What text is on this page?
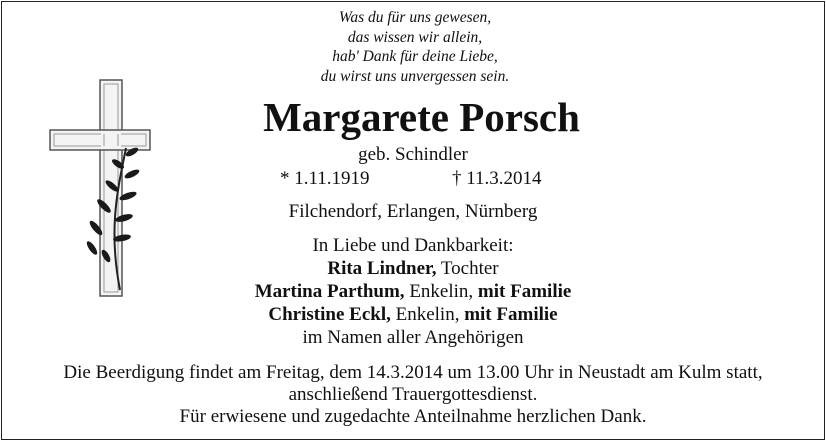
Was du für uns gewesen,
das wissen wir allein,
hab' Dank für deine Liebe,
du wirst uns unvergessen sein.
Margarete Porsch
geb. Schindler
* 1.11.1919	† 11.3.2014
Filchendorf, Erlangen, Nürnberg
In Liebe und Dankbarkeit:
Rita Lindner, Tochter
Martina Parthum, Enkelin, mit Familie
Christine Eckl, Enkelin, mit Familie
im Namen aller Angehörigen
Die Beerdigung findet am Freitag, dem 14.3.2014 um 13.00 Uhr in Neustadt am Kulm statt,
anschließend Trauergottesdienst.
Für erwiesene und zugedachte Anteilnahme herzlichen Dank.
